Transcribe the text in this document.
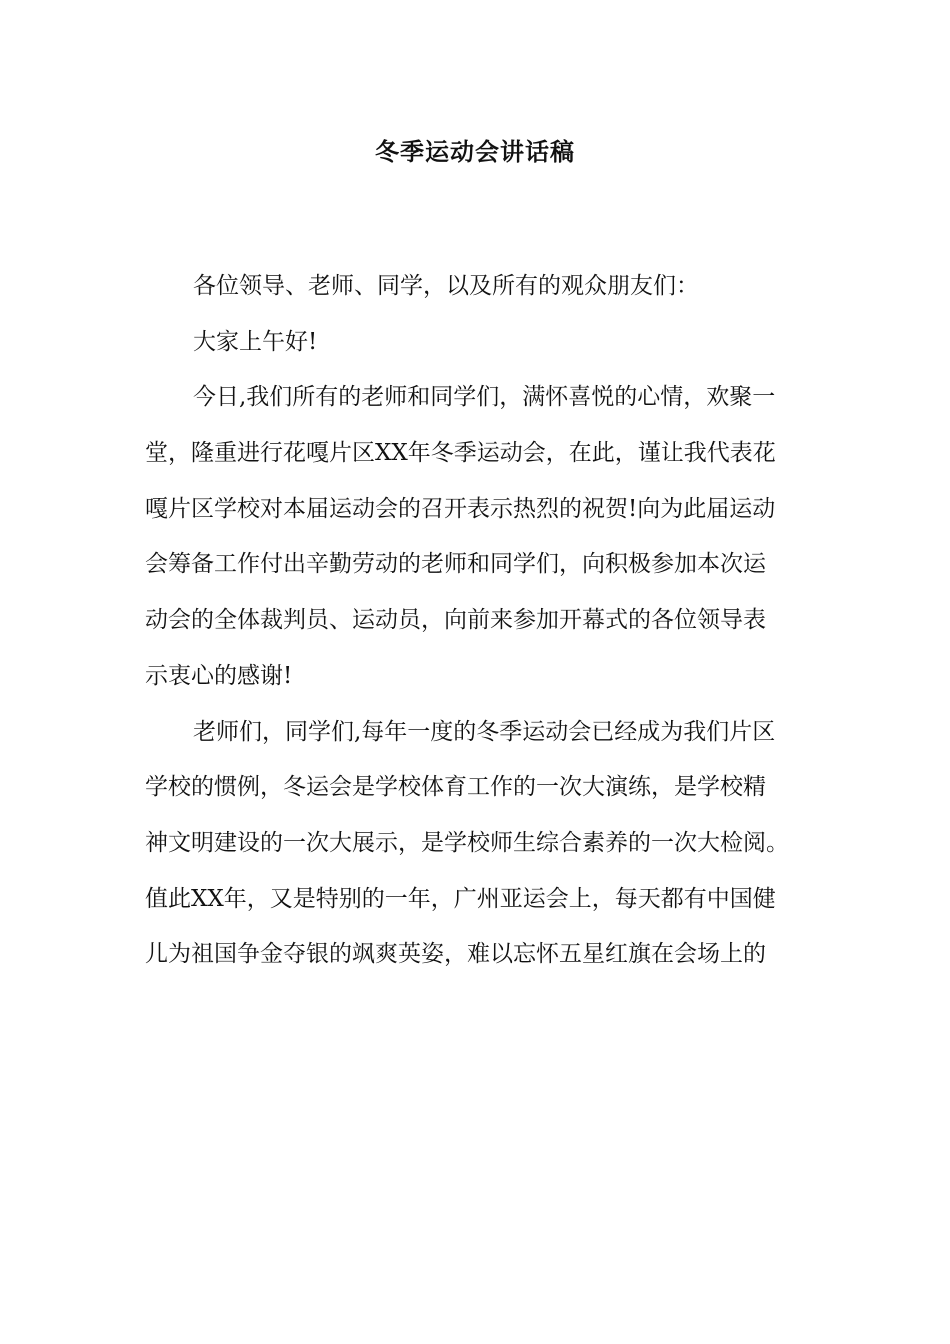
冬季运动会讲话稿
各位领导、老师、同学，以及所有的观众朋友们：
大家上午好!
今日,我们所有的老师和同学们，满怀喜悦的心情，欢聚一
堂，隆重进行花嘎片区XX年冬季运动会，在此，谨让我代表花
嘎片区学校对本届运动会的召开表示热烈的祝贺!向为此届运动
会筹备工作付出辛勤劳动的老师和同学们，向积极参加本次运
动会的全体裁判员、运动员，向前来参加开幕式的各位领导表
示衷心的感谢!
老师们，同学们,每年一度的冬季运动会已经成为我们片区
学校的惯例，冬运会是学校体育工作的一次大演练，是学校精
神文明建设的一次大展示，是学校师生综合素养的一次大检阅。
值此XX年，又是特别的一年，广州亚运会上，每天都有中国健
儿为祖国争金夺银的飒爽英姿，难以忘怀五星红旗在会场上的
